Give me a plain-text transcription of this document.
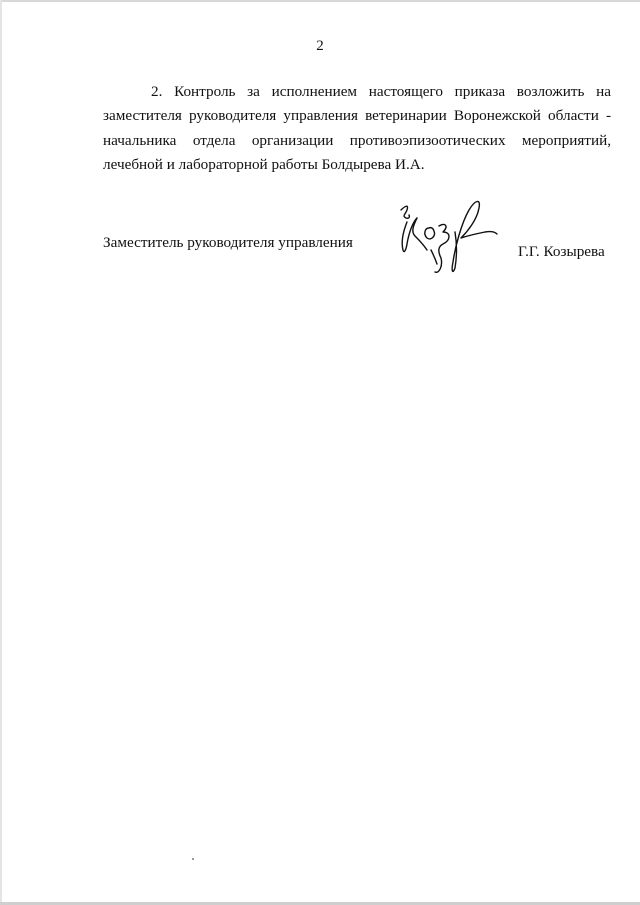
2

2. Контроль за исполнением настоящего приказа возложить на
заместителя руководителя управления ветеринарии Воронежской области -
начальника отдела организации противоэпизоотических мероприятий,
лечебной и лабораторной работы Болдырева И.А.

Заместитель руководителя управления
Г.Г. Козырева
